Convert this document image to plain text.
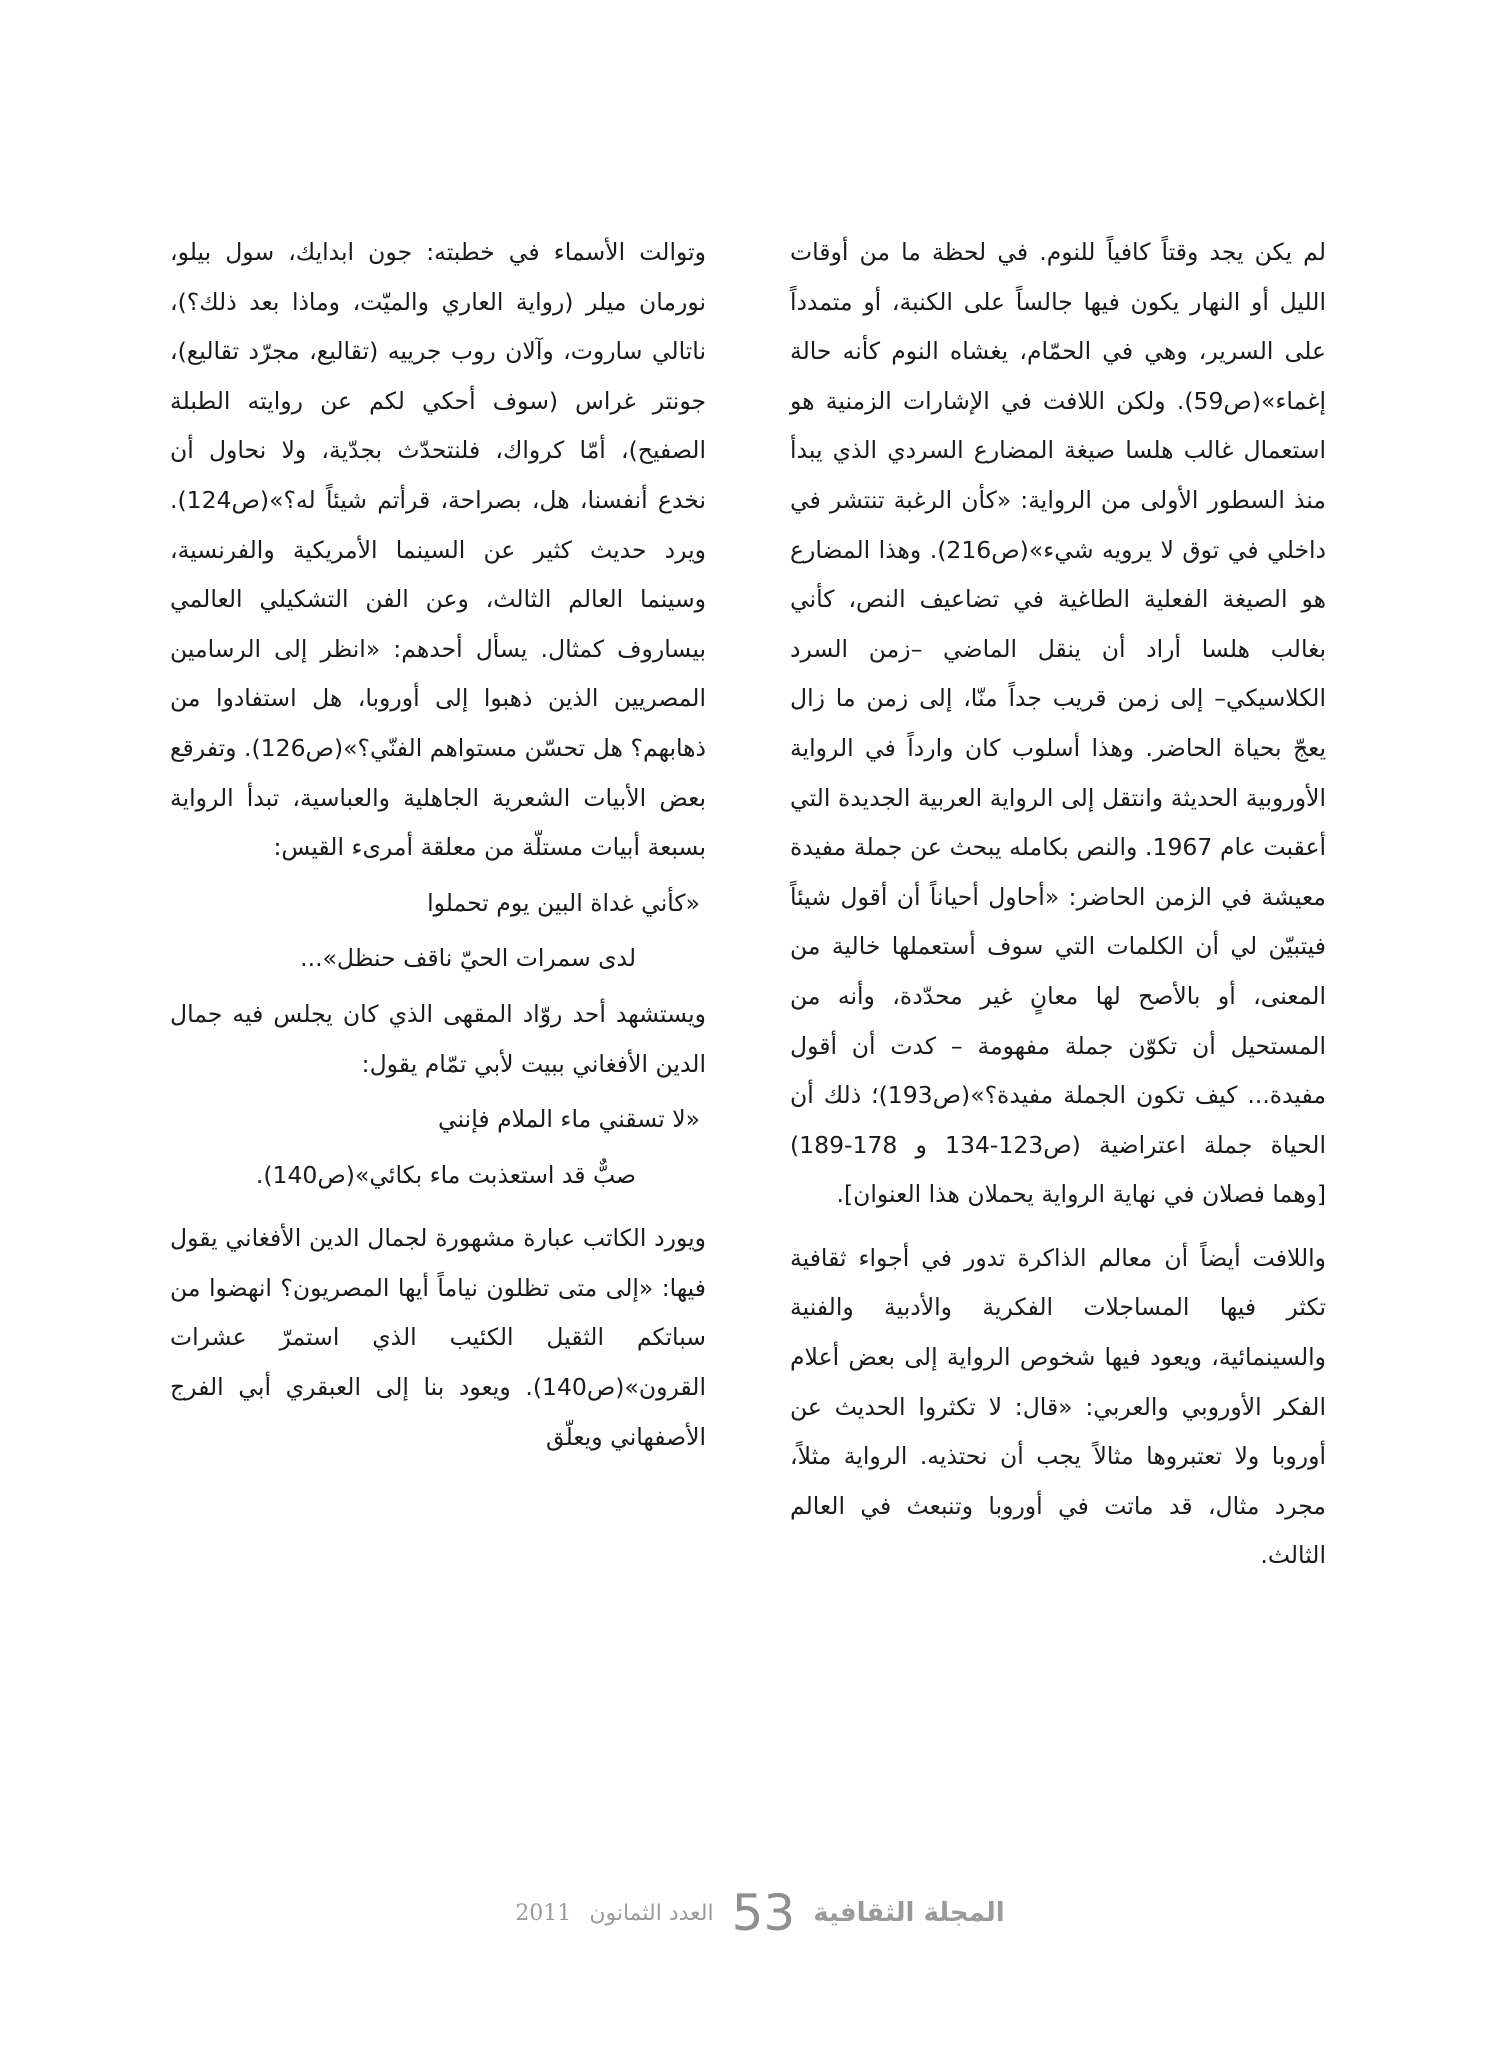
لم يكن يجد وقتاً كافياً للنوم. في لحظة ما من أوقات الليل أو النهار يكون فيها جالساً على الكنبة، أو متمدداً على السرير، وهي في الحمّام، يغشاه النوم كأنه حالة إغماء»(ص59). ولكن اللافت في الإشارات الزمنية هو استعمال غالب هلسا صيغة المضارع السردي الذي يبدأ منذ السطور الأولى من الرواية: «كأن الرغبة تنتشر في داخلي في توق لا يرويه شيء»(ص216). وهذا المضارع هو الصيغة الفعلية الطاغية في تضاعيف النص، كأني بغالب هلسا أراد أن ينقل الماضي –زمن السرد الكلاسيكي– إلى زمن قريب جداً منّا، إلى زمن ما زال يعجّ بحياة الحاضر. وهذا أسلوب كان وارداً في الرواية الأوروبية الحديثة وانتقل إلى الرواية العربية الجديدة التي أعقبت عام 1967. والنص بكامله يبحث عن جملة مفيدة معيشة في الزمن الحاضر: «أحاول أحياناً أن أقول شيئاً فيتبيّن لي أن الكلمات التي سوف أستعملها خالية من المعنى، أو بالأصح لها معانٍ غير محدّدة، وأنه من المستحيل أن تكوّن جملة مفهومة – كدت أن أقول مفيدة... كيف تكون الجملة مفيدة؟»(ص193)؛ ذلك أن الحياة جملة اعتراضية (ص123-134 و 178-189) [وهما فصلان في نهاية الرواية يحملان هذا العنوان].

واللافت أيضاً أن معالم الذاكرة تدور في أجواء ثقافية تكثر فيها المساجلات الفكرية والأدبية والفنية والسينمائية، ويعود فيها شخوص الرواية إلى بعض أعلام الفكر الأوروبي والعربي: «قال: لا تكثروا الحديث عن أوروبا ولا تعتبروها مثالاً يجب أن نحتذيه. الرواية مثلاً، مجرد مثال، قد ماتت في أوروبا وتنبعث في العالم الثالث.

وتوالت الأسماء في خطبته: جون ابدايك، سول بيلو، نورمان ميلر (رواية العاري والميّت، وماذا بعد ذلك؟)، ناتالي ساروت، وآلان روب جرييه (تقاليع، مجرّد تقاليع)، جونتر غراس (سوف أحكي لكم عن روايته الطبلة الصفيح)، أمّا كرواك، فلنتحدّث بجدّية، ولا نحاول أن نخدع أنفسنا، هل، بصراحة، قرأتم شيئاً له؟»(ص124). ويرد حديث كثير عن السينما الأمريكية والفرنسية، وسينما العالم الثالث، وعن الفن التشكيلي العالمي بيساروف كمثال. يسأل أحدهم: «انظر إلى الرسامين المصريين الذين ذهبوا إلى أوروبا، هل استفادوا من ذهابهم؟ هل تحسّن مستواهم الفنّي؟»(ص126). وتفرقع بعض الأبيات الشعرية الجاهلية والعباسية، تبدأ الرواية بسبعة أبيات مستلّة من معلقة أمرىء القيس:

«كأني غداة البين يوم تحملوا

لدى سمرات الحيّ ناقف حنظل»...

ويستشهد أحد روّاد المقهى الذي كان يجلس فيه جمال الدين الأفغاني ببيت لأبي تمّام يقول:

«لا تسقني ماء الملام فإنني

صبٌّ قد استعذبت ماء بكائي»(ص140).

ويورد الكاتب عبارة مشهورة لجمال الدين الأفغاني يقول فيها: «إلى متى تظلون نياماً أيها المصريون؟ انهضوا من سباتكم الثقيل الكئيب الذي استمرّ عشرات القرون»(ص140). ويعود بنا إلى العبقري أبي الفرج الأصفهاني ويعلّق

المجلة الثقافية
53
العدد الثمانون
2011
